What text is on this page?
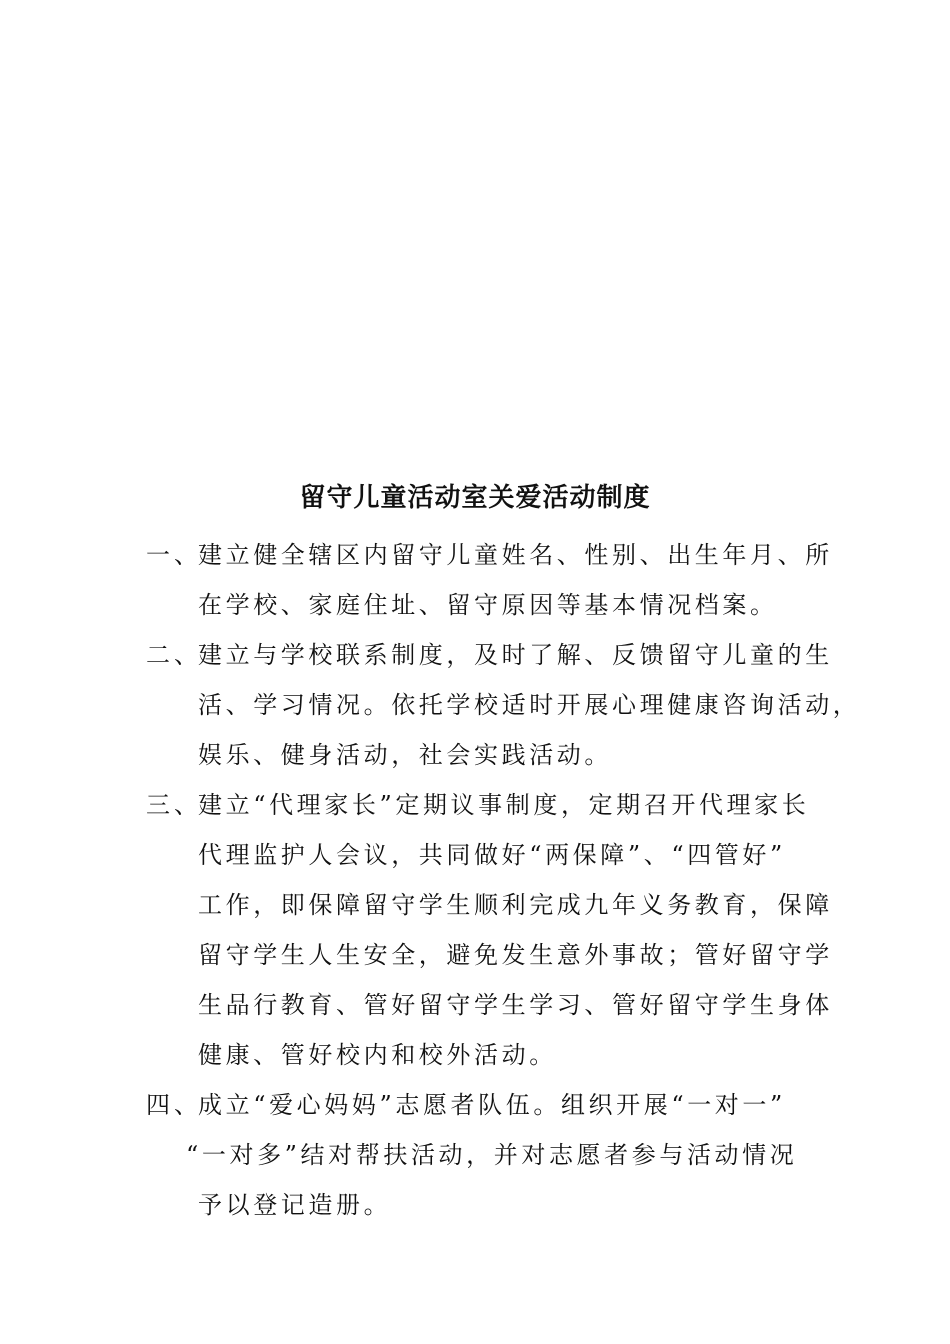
留守儿童活动室关爱活动制度
一、
建立健全辖区内留守儿童姓名、性别、出生年月、所
在学校、家庭住址、留守原因等基本情况档案。
二、
建立与学校联系制度，及时了解、反馈留守儿童的生
活、学习情况。依托学校适时开展心理健康咨询活动，
娱乐、健身活动，社会实践活动。
三、
建立“代理家长”定期议事制度，定期召开代理家长
代理监护人会议，共同做好“两保障”、“四管好”
工作，即保障留守学生顺利完成九年义务教育，保障
留守学生人生安全，避免发生意外事故；管好留守学
生品行教育、管好留守学生学习、管好留守学生身体
健康、管好校内和校外活动。
四、
成立“爱心妈妈”志愿者队伍。组织开展“一对一”
“一对多”结对帮扶活动，并对志愿者参与活动情况
予以登记造册。
